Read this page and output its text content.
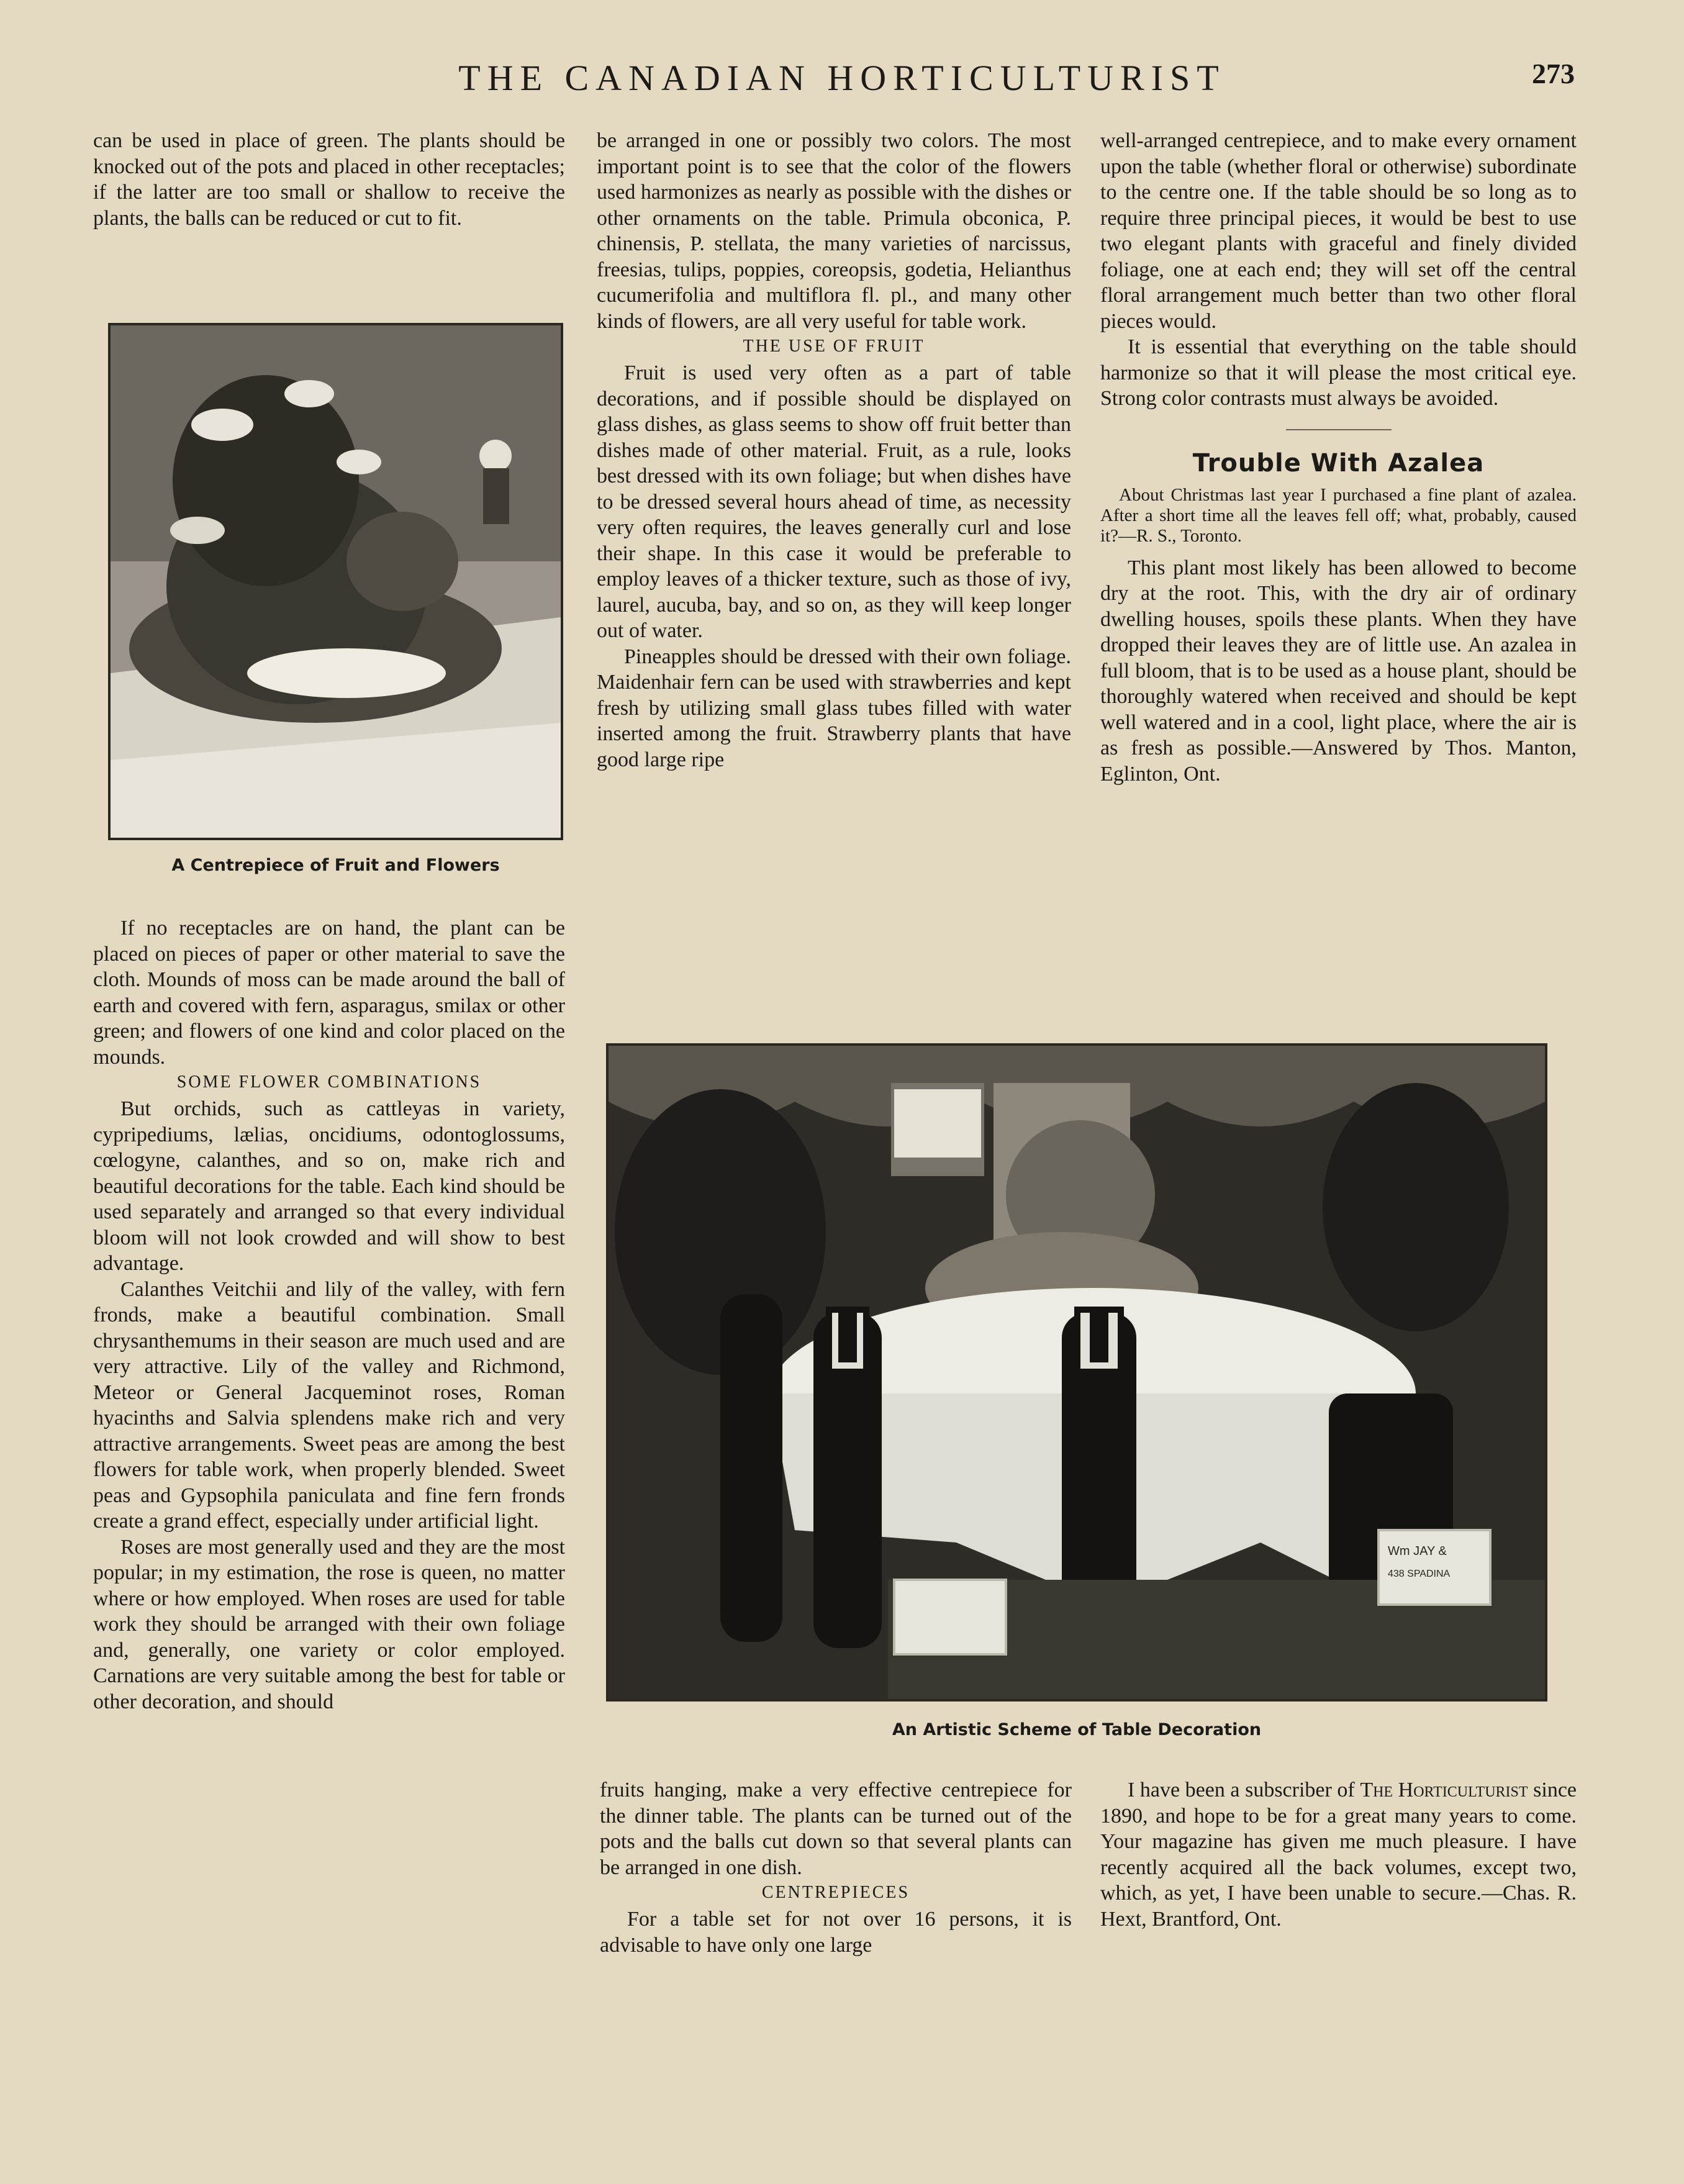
THE CANADIAN HORTICULTURIST	273

can be used in place of green. The plants should be knocked out of the pots and placed in other receptacles; if the latter are too small or shallow to receive the plants, the balls can be reduced or cut to fit.

A Centrepiece of Fruit and Flowers

If no receptacles are on hand, the plant can be placed on pieces of paper or other material to save the cloth. Mounds of moss can be made around the ball of earth and covered with fern, asparagus, smilax or other green; and flowers of one kind and color placed on the mounds.

SOME FLOWER COMBINATIONS

But orchids, such as cattleyas in variety, cypripediums, lælias, oncidiums, odontoglossums, cœlogyne, calanthes, and so on, make rich and beautiful decorations for the table. Each kind should be used separately and arranged so that every individual bloom will not look crowded and will show to best advantage.

Calanthes Veitchii and lily of the valley, with fern fronds, make a beautiful combination. Small chrysanthemums in their season are much used and are very attractive. Lily of the valley and Richmond, Meteor or General Jacqueminot roses, Roman hyacinths and Salvia splendens make rich and very attractive arrangements. Sweet peas are among the best flowers for table work, when properly blended. Sweet peas and Gypsophila paniculata and fine fern fronds create a grand effect, especially under artificial light.

Roses are most generally used and they are the most popular; in my estimation, the rose is queen, no matter where or how employed. When roses are used for table work they should be arranged with their own foliage and, generally, one variety or color employed. Carnations are very suitable among the best for table or other decoration, and should

be arranged in one or possibly two colors. The most important point is to see that the color of the flowers used harmonizes as nearly as possible with the dishes or other ornaments on the table. Primula obconica, P. chinensis, P. stellata, the many varieties of narcissus, freesias, tulips, poppies, coreopsis, godetia, Helianthus cucumerifolia and multiflora fl. pl., and many other kinds of flowers, are all very useful for table work.

THE USE OF FRUIT

Fruit is used very often as a part of table decorations, and if possible should be displayed on glass dishes, as glass seems to show off fruit better than dishes made of other material. Fruit, as a rule, looks best dressed with its own foliage; but when dishes have to be dressed several hours ahead of time, as necessity very often requires, the leaves generally curl and lose their shape. In this case it would be preferable to employ leaves of a thicker texture, such as those of ivy, laurel, aucuba, bay, and so on, as they will keep longer out of water.

Pineapples should be dressed with their own foliage. Maidenhair fern can be used with strawberries and kept fresh by utilizing small glass tubes filled with water inserted among the fruit. Strawberry plants that have good large ripe

well-arranged centrepiece, and to make every ornament upon the table (whether floral or otherwise) subordinate to the centre one. If the table should be so long as to require three principal pieces, it would be best to use two elegant plants with graceful and finely divided foliage, one at each end; they will set off the central floral arrangement much better than two other floral pieces would.

It is essential that everything on the table should harmonize so that it will please the most critical eye. Strong color contrasts must always be avoided.

Trouble With Azalea

About Christmas last year I purchased a fine plant of azalea. After a short time all the leaves fell off; what, probably, caused it?—R. S., Toronto.

This plant most likely has been allowed to become dry at the root. This, with the dry air of ordinary dwelling houses, spoils these plants. When they have dropped their leaves they are of little use. An azalea in full bloom, that is to be used as a house plant, should be thoroughly watered when received and should be kept well watered and in a cool, light place, where the air is as fresh as possible.—Answered by Thos. Manton, Eglinton, Ont.

Wm JAY &
438 SPADINA
An Artistic Scheme of Table Decoration

fruits hanging, make a very effective centrepiece for the dinner table. The plants can be turned out of the pots and the balls cut down so that several plants can be arranged in one dish.

CENTREPIECES

For a table set for not over 16 persons, it is advisable to have only one large

I have been a subscriber of The Horticulturist since 1890, and hope to be for a great many years to come. Your magazine has given me much pleasure. I have recently acquired all the back volumes, except two, which, as yet, I have been unable to secure.—Chas. R. Hext, Brantford, Ont.
